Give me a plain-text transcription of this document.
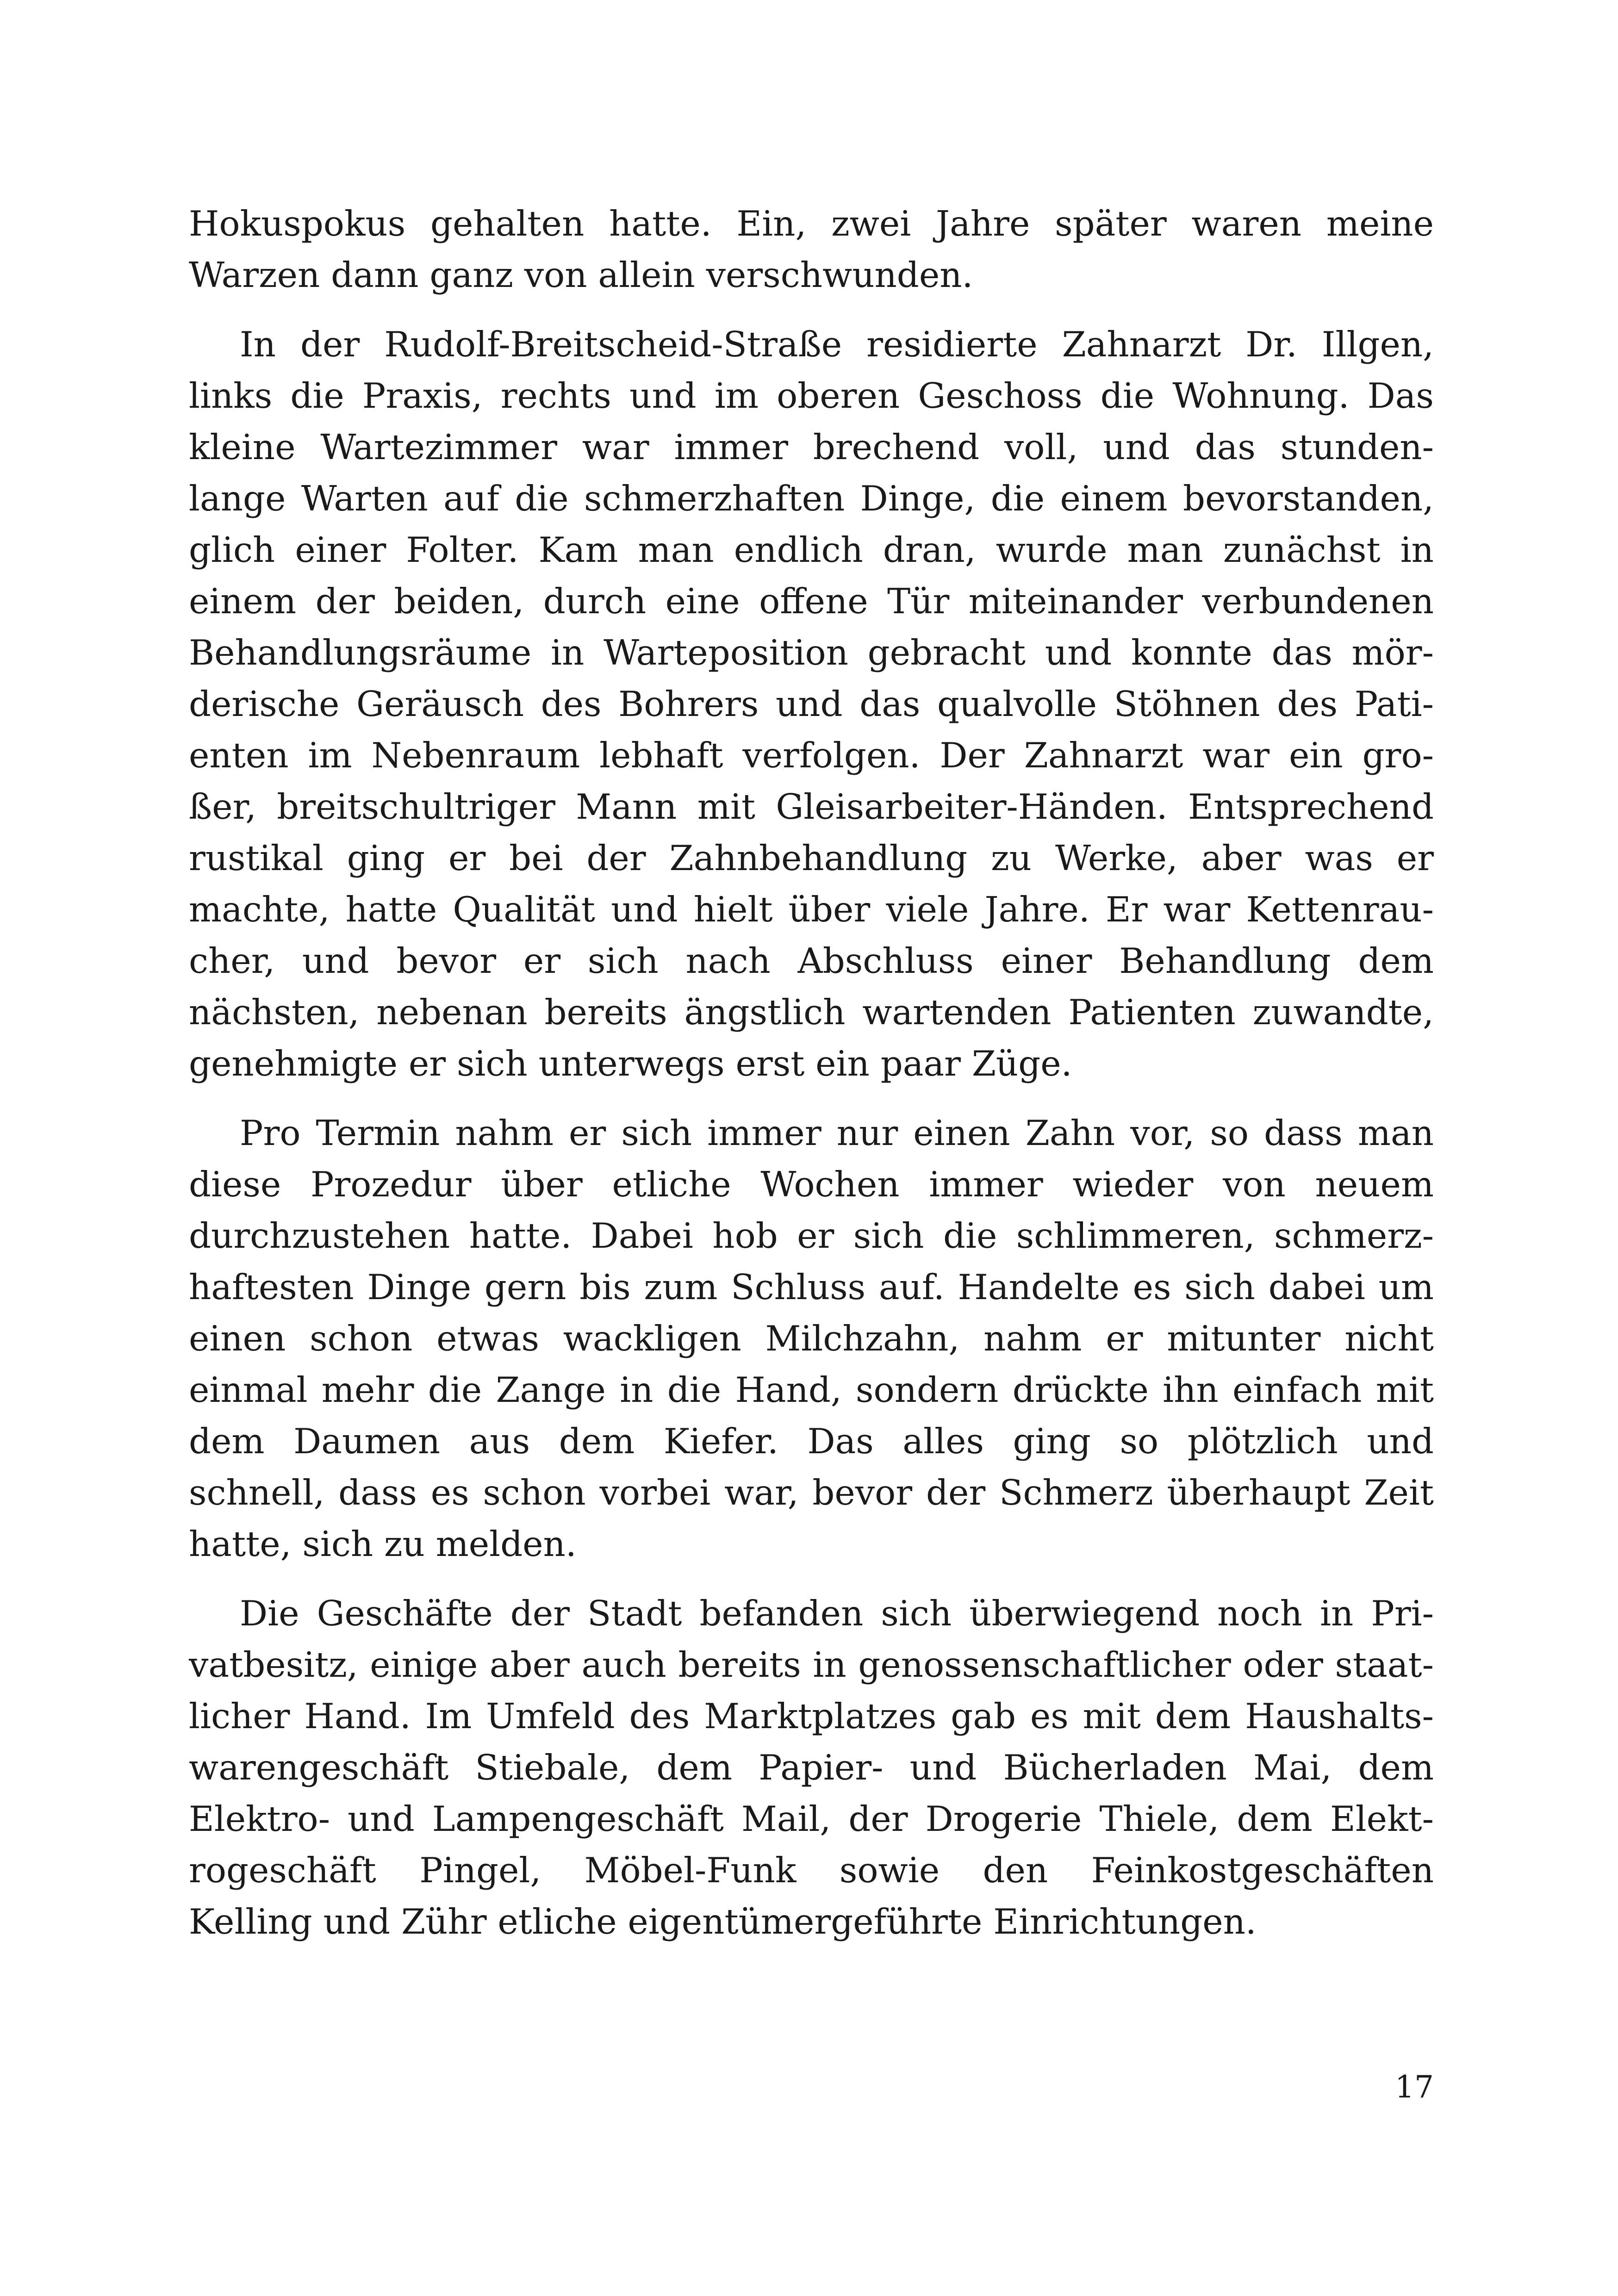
Hokuspokus gehalten hatte. Ein, zwei Jahre später waren meine
Warzen dann ganz von allein verschwunden.
In der Rudolf-Breitscheid-Straße residierte Zahnarzt Dr. Illgen,
links die Praxis, rechts und im oberen Geschoss die Wohnung. Das
kleine Wartezimmer war immer brechend voll, und das stunden-
lange Warten auf die schmerzhaften Dinge, die einem bevorstanden,
glich einer Folter. Kam man endlich dran, wurde man zunächst in
einem der beiden, durch eine offene Tür miteinander verbundenen
Behandlungsräume in Warteposition gebracht und konnte das mör-
derische Geräusch des Bohrers und das qualvolle Stöhnen des Pati-
enten im Nebenraum lebhaft verfolgen. Der Zahnarzt war ein gro-
ßer, breitschultriger Mann mit Gleisarbeiter-Händen. Entsprechend
rustikal ging er bei der Zahnbehandlung zu Werke, aber was er
machte, hatte Qualität und hielt über viele Jahre. Er war Kettenrau-
cher, und bevor er sich nach Abschluss einer Behandlung dem
nächsten, nebenan bereits ängstlich wartenden Patienten zuwandte,
genehmigte er sich unterwegs erst ein paar Züge.
Pro Termin nahm er sich immer nur einen Zahn vor, so dass man
diese Prozedur über etliche Wochen immer wieder von neuem
durchzustehen hatte. Dabei hob er sich die schlimmeren, schmerz-
haftesten Dinge gern bis zum Schluss auf. Handelte es sich dabei um
einen schon etwas wackligen Milchzahn, nahm er mitunter nicht
einmal mehr die Zange in die Hand, sondern drückte ihn einfach mit
dem Daumen aus dem Kiefer. Das alles ging so plötzlich und
schnell, dass es schon vorbei war, bevor der Schmerz überhaupt Zeit
hatte, sich zu melden.
Die Geschäfte der Stadt befanden sich überwiegend noch in Pri-
vatbesitz, einige aber auch bereits in genossenschaftlicher oder staat-
licher Hand. Im Umfeld des Marktplatzes gab es mit dem Haushalts-
warengeschäft Stiebale, dem Papier- und Bücherladen Mai, dem
Elektro- und Lampengeschäft Mail, der Drogerie Thiele, dem Elekt-
rogeschäft Pingel, Möbel-Funk sowie den Feinkostgeschäften
Kelling und Zühr etliche eigentümergeführte Einrichtungen.
17
